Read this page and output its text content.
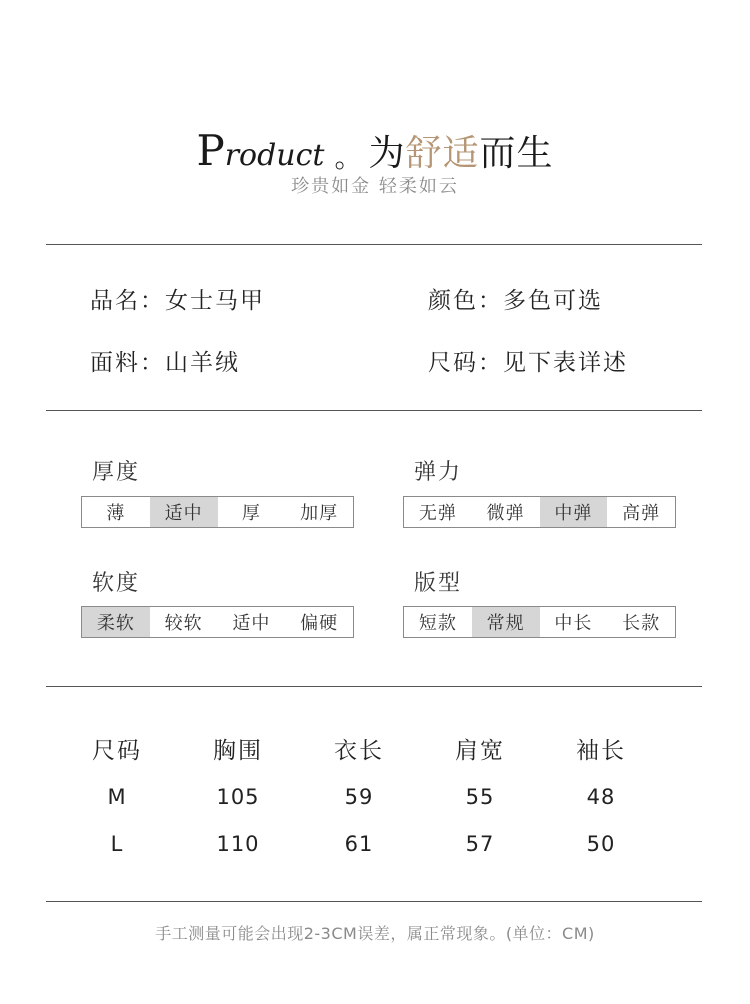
Product 。 为舒适而生
珍贵如金 轻柔如云
品名：女士马甲	颜色：多色可选
面料：山羊绒	尺码：见下表详述
厚度
薄	适中	厚	加厚
弹力
无弹	微弹	中弹	高弹
软度
柔软	较软	适中	偏硬
版型
短款	常规	中长	长款
尺码	胸围	衣长	肩宽	袖长
M	105	59	55	48
L	110	61	57	50
手工测量可能会出现2-3CM误差，属正常现象。(单位：CM)
